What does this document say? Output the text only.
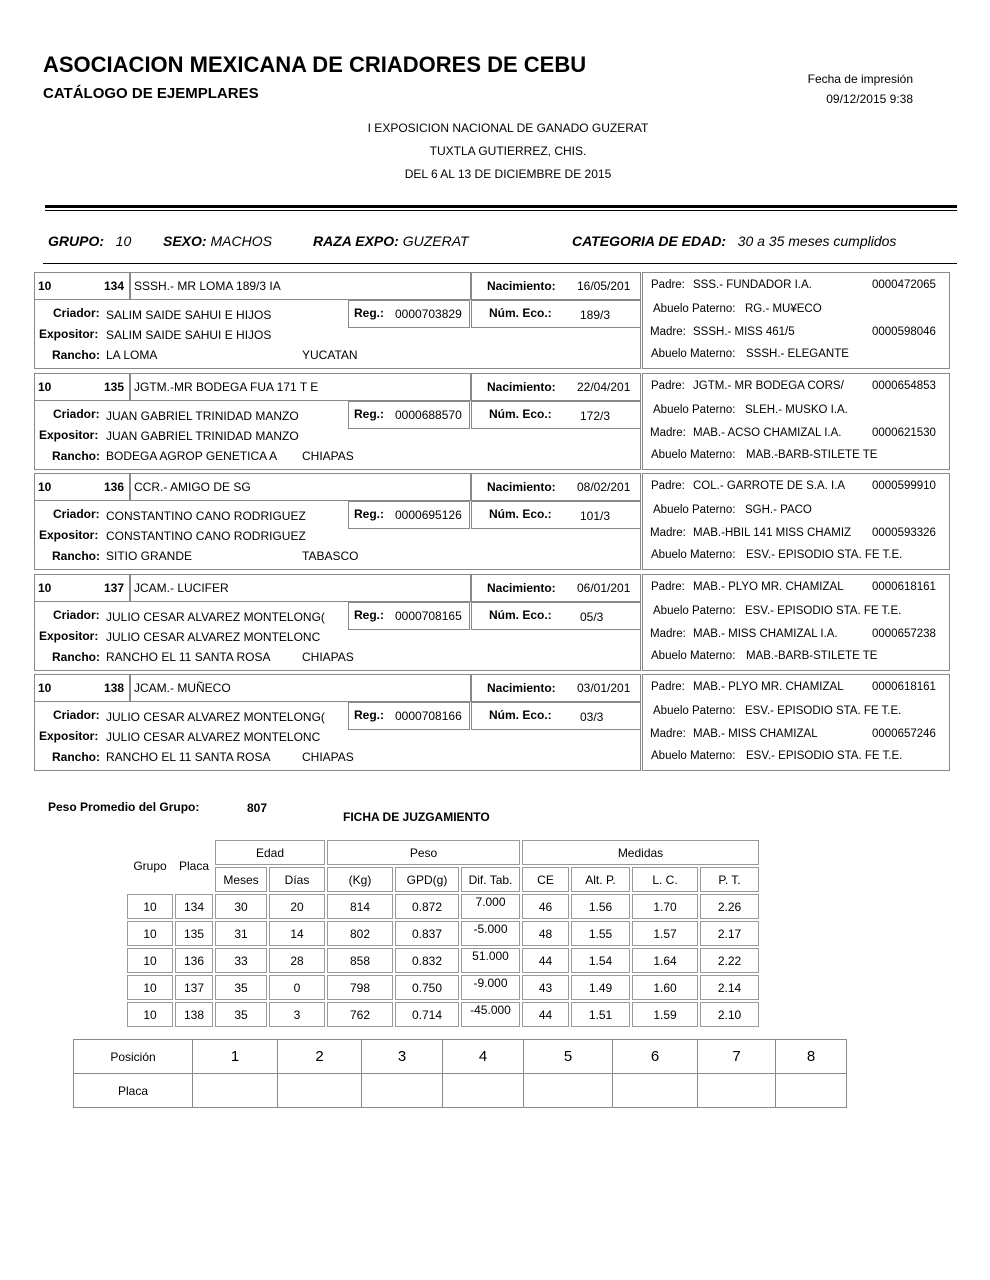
ASOCIACION MEXICANA DE CRIADORES DE CEBU
CATÁLOGO DE EJEMPLARES
Fecha de impresión
09/12/2015 9:38
I EXPOSICION NACIONAL DE GANADO GUZERAT
TUXTLA GUTIERREZ, CHIS.
DEL 6 AL 13 DE DICIEMBRE DE 2015
GRUPO: 10 SEXO: MACHOS	RAZA EXPO: GUZERAT	CATEGORIA DE EDAD: 30 a 35 meses cumplidos
10	134 SSSH.- MR LOMA 189/3 IA	Nacimiento: 16/05/201
Criador: SALIM SAIDE SAHUI E HIJOS	Reg.: 0000703829 Núm. Eco.: 189/3
Expositor: SALIM SAIDE SAHUI E HIJOS
Rancho: LA LOMA	YUCATAN
Padre: SSS.- FUNDADOR I.A.	0000472065
Abuelo Paterno: RG.- MU¥ECO
Madre: SSSH.- MISS 461/5	0000598046
Abuelo Materno: SSSH.- ELEGANTE
10	135 JGTM.-MR BODEGA FUA 171 T E	Nacimiento: 22/04/201
Criador: JUAN GABRIEL TRINIDAD MANZO	Reg.: 0000688570 Núm. Eco.: 172/3
Expositor: JUAN GABRIEL TRINIDAD MANZO
Rancho: BODEGA AGROP GENETICA A	CHIAPAS
Padre: JGTM.- MR BODEGA CORS/	0000654853
Abuelo Paterno: SLEH.- MUSKO I.A.
Madre: MAB.- ACSO CHAMIZAL I.A.	0000621530
Abuelo Materno: MAB.-BARB-STILETE TE
10	136 CCR.- AMIGO DE SG	Nacimiento: 08/02/201
Criador: CONSTANTINO CANO RODRIGUEZ	Reg.: 0000695126 Núm. Eco.: 101/3
Expositor: CONSTANTINO CANO RODRIGUEZ
Rancho: SITIO GRANDE	TABASCO
Padre: COL.- GARROTE DE S.A. I.A	0000599910
Abuelo Paterno: SGH.- PACO
Madre: MAB.-HBIL 141 MISS CHAMIZ	0000593326
Abuelo Materno: ESV.- EPISODIO STA. FE T.E.
10	137 JCAM.- LUCIFER	Nacimiento: 06/01/201
Criador: JULIO CESAR ALVAREZ MONTELONG(	Reg.: 0000708165 Núm. Eco.: 05/3
Expositor: JULIO CESAR ALVAREZ MONTELONC
Rancho: RANCHO EL 11 SANTA ROSA	CHIAPAS
Padre: MAB.- PLYO MR. CHAMIZAL	0000618161
Abuelo Paterno: ESV.- EPISODIO STA. FE T.E.
Madre: MAB.- MISS CHAMIZAL I.A.	0000657238
Abuelo Materno: MAB.-BARB-STILETE TE
10	138 JCAM.- MUÑECO	Nacimiento: 03/01/201
Criador: JULIO CESAR ALVAREZ MONTELONG(	Reg.: 0000708166 Núm. Eco.: 03/3
Expositor: JULIO CESAR ALVAREZ MONTELONC
Rancho: RANCHO EL 11 SANTA ROSA	CHIAPAS
Padre: MAB.- PLYO MR. CHAMIZAL	0000618161
Abuelo Paterno: ESV.- EPISODIO STA. FE T.E.
Madre: MAB.- MISS CHAMIZAL	0000657246
Abuelo Materno: ESV.- EPISODIO STA. FE T.E.
Peso Promedio del Grupo:	807
FICHA DE JUZGAMIENTO
Grupo	Placa	Edad		Peso			Medidas			
		Meses	Días	(Kg)	GPD(g)	Dif. Tab.	CE	Alt. P.	L. C.	P. T.
10	134	30	20	814	0.872	7.000	46	1.56	1.70	2.26
10	135	31	14	802	0.837	-5.000	48	1.55	1.57	2.17
10	136	33	28	858	0.832	51.000	44	1.54	1.64	2.22
10	137	35	0	798	0.750	-9.000	43	1.49	1.60	2.14
10	138	35	3	762	0.714	-45.000	44	1.51	1.59	2.10
Posición	1	2	3	4	5	6	7	8
Placa								
